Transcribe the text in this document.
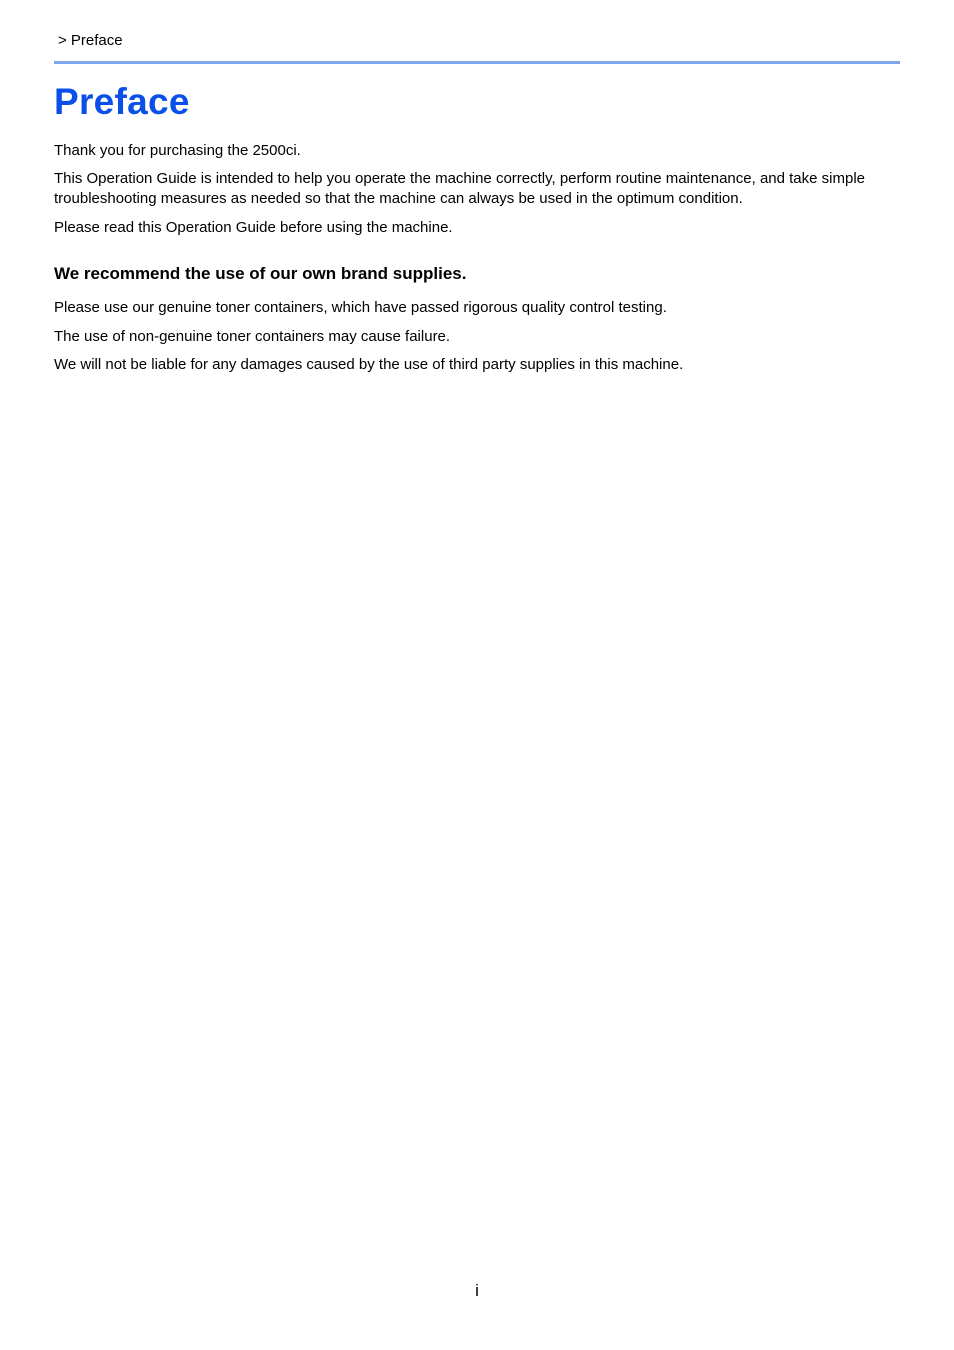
> Preface
Preface

Thank you for purchasing the 2500ci.

This Operation Guide is intended to help you operate the machine correctly, perform routine maintenance, and take simple troubleshooting measures as needed so that the machine can always be used in the optimum condition.

Please read this Operation Guide before using the machine.

We recommend the use of our own brand supplies.

Please use our genuine toner containers, which have passed rigorous quality control testing.

The use of non-genuine toner containers may cause failure.

We will not be liable for any damages caused by the use of third party supplies in this machine.

i
